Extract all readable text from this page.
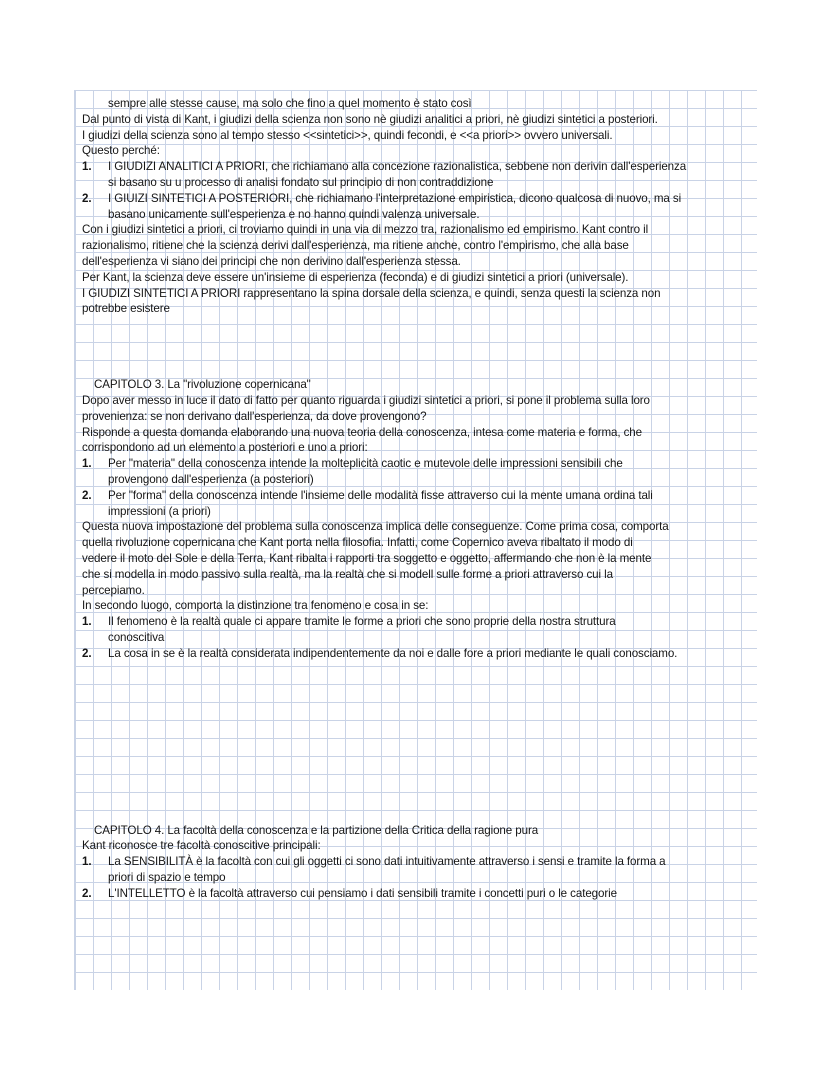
sempre alle stesse cause, ma solo che fino a quel momento è stato così

Dal punto di vista di Kant, i giudizi della scienza non sono nè giudizi analitici a priori, nè giudizi sintetici a posteriori.

I giudizi della scienza sono al tempo stesso <<sintetici>>, quindi fecondi, e <<a priori>> ovvero universali.

Questo perché:

1. I GIUDIZI ANALITICI A PRIORI, che richiamano alla concezione razionalistica, sebbene non derivin dall'esperienza

si basano su u processo di analisi fondato sul principio di non contraddizione

2. I GIUIZI SINTETICI A POSTERIORI, che richiamano l'interpretazione empiristica, dicono qualcosa di nuovo, ma si

basano unicamente sull'esperienza e no hanno quindi valenza universale.

Con i giudizi sintetici a priori, ci troviamo quindi in una via di mezzo tra, razionalismo ed empirismo. Kant contro il

razionalismo, ritiene che la scienza derivi dall'esperienza, ma ritiene anche, contro l'empirismo, che alla base

dell'esperienza vi siano dei principi che non derivino dall'esperienza stessa.

Per Kant, la scienza deve essere un'insieme di esperienza (feconda) e di giudizi sintetici a priori (universale).

I GIUDIZI SINTETICI A PRIORI rappresentano la spina dorsale della scienza, e quindi, senza questi la scienza non

potrebbe esistere

CAPITOLO 3. La "rivoluzione copernicana"

Dopo aver messo in luce il dato di fatto per quanto riguarda i giudizi sintetici a priori, si pone il problema sulla loro

provenienza: se non derivano dall'esperienza, da dove provengono?

Risponde a questa domanda elaborando una nuova teoria della conoscenza, intesa come materia e forma, che

corrispondono ad un elemento a posteriori e uno a priori:

1. Per "materia" della conoscenza intende la molteplicità caotic e mutevole delle impressioni sensibili che

provengono dall'esperienza (a posteriori)

2. Per "forma" della conoscenza intende l'insieme delle modalità fisse attraverso cui la mente umana ordina tali

impressioni (a priori)

Questa nuova impostazione del problema sulla conoscenza implica delle conseguenze. Come prima cosa, comporta

quella rivoluzione copernicana che Kant porta nella filosofia. Infatti, come Copernico aveva ribaltato il modo di

vedere il moto del Sole e della Terra, Kant ribalta i rapporti tra soggetto e oggetto, affermando che non è la mente

che si modella in modo passivo sulla realtà, ma la realtà che si modell sulle forme a priori attraverso cui la

percepiamo.

In secondo luogo, comporta la distinzione tra fenomeno e cosa in se:

1. Il fenomeno è la realtà quale ci appare tramite le forme a priori che sono proprie della nostra struttura

conoscitiva

2. La cosa in se è la realtà considerata indipendentemente da noi e dalle fore a priori mediante le quali conosciamo.

CAPITOLO 4. La facoltà della conoscenza e la partizione della Critica della ragione pura

Kant riconosce tre facoltà conoscitive principali:

1. La SENSIBILITÀ è la facoltà con cui gli oggetti ci sono dati intuitivamente attraverso i sensi e tramite la forma a

priori di spazio e tempo

2. L'INTELLETTO è la facoltà attraverso cui pensiamo i dati sensibili tramite i concetti puri o le categorie
